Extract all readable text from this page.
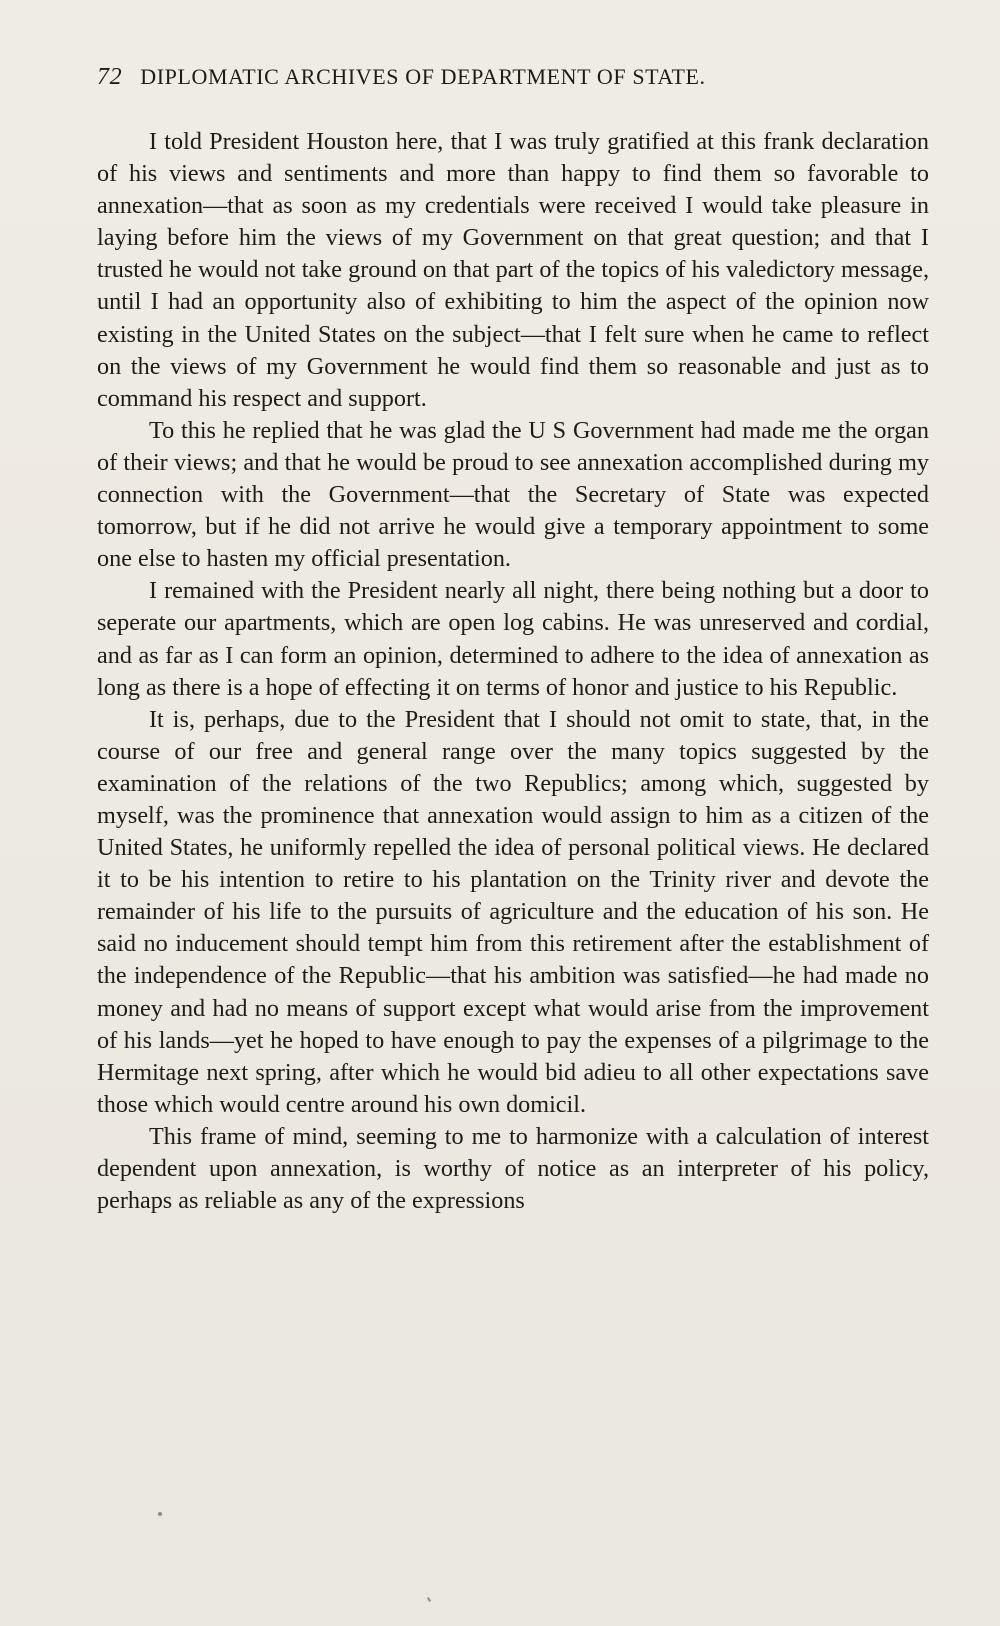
72 DIPLOMATIC ARCHIVES OF DEPARTMENT OF STATE.

I told President Houston here, that I was truly gratified at this frank declaration of his views and sentiments and more than happy to find them so favorable to annexation—that as soon as my credentials were received I would take pleasure in laying before him the views of my Government on that great question; and that I trusted he would not take ground on that part of the topics of his valedictory message, until I had an opportunity also of exhibiting to him the aspect of the opinion now existing in the United States on the subject—that I felt sure when he came to reflect on the views of my Government he would find them so reasonable and just as to command his respect and support.

To this he replied that he was glad the U S Government had made me the organ of their views; and that he would be proud to see annexation accomplished during my connection with the Government—that the Secretary of State was expected tomorrow, but if he did not arrive he would give a temporary appointment to some one else to hasten my official presentation.

I remained with the President nearly all night, there being nothing but a door to seperate our apartments, which are open log cabins. He was unreserved and cordial, and as far as I can form an opinion, determined to adhere to the idea of annexation as long as there is a hope of effecting it on terms of honor and justice to his Republic.

It is, perhaps, due to the President that I should not omit to state, that, in the course of our free and general range over the many topics suggested by the examination of the relations of the two Republics; among which, suggested by myself, was the prominence that annexation would assign to him as a citizen of the United States, he uniformly repelled the idea of personal political views. He declared it to be his intention to retire to his plantation on the Trinity river and devote the remainder of his life to the pursuits of agriculture and the education of his son. He said no inducement should tempt him from this retirement after the establishment of the independence of the Republic—that his ambition was satisfied—he had made no money and had no means of support except what would arise from the improvement of his lands—yet he hoped to have enough to pay the expenses of a pilgrimage to the Hermitage next spring, after which he would bid adieu to all other expectations save those which would centre around his own domicil.

This frame of mind, seeming to me to harmonize with a calculation of interest dependent upon annexation, is worthy of notice as an interpreter of his policy, perhaps as reliable as any of the expressions
